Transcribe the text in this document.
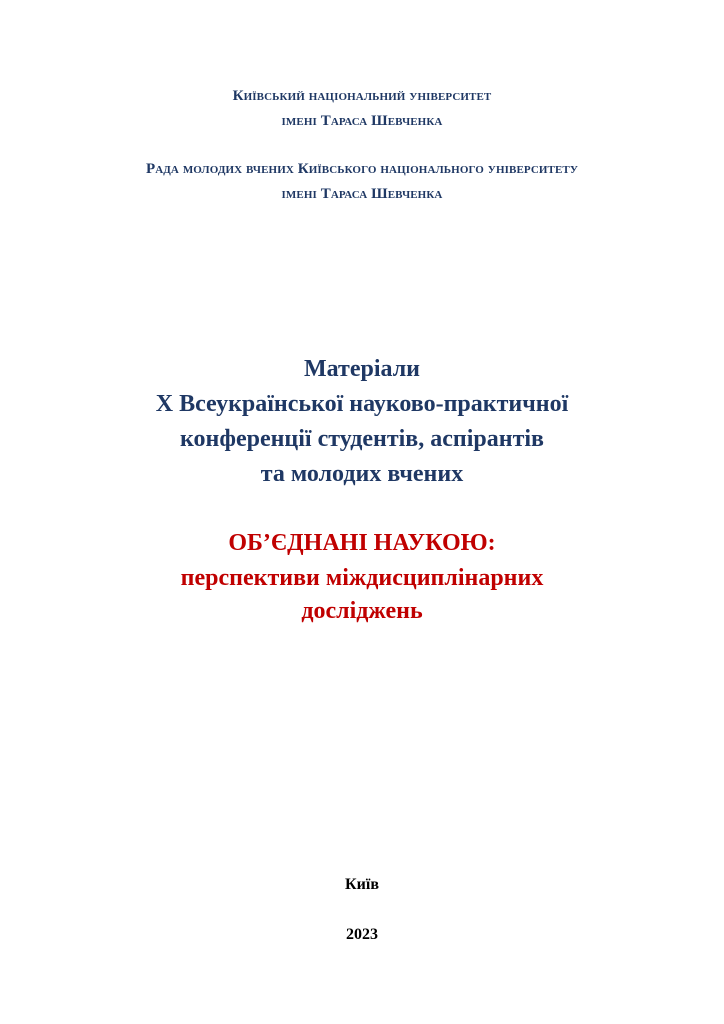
Київський національний університет
імені Тараса Шевченка
Рада молодих вчених Київського національного університету
імені Тараса Шевченка
Матеріали
Х Всеукраїнської науково-практичної
конференції студентів, аспірантів
та молодих вчених
ОБ’ЄДНАНІ НАУКОЮ:
перспективи міждисциплінарних
досліджень
Київ
2023
